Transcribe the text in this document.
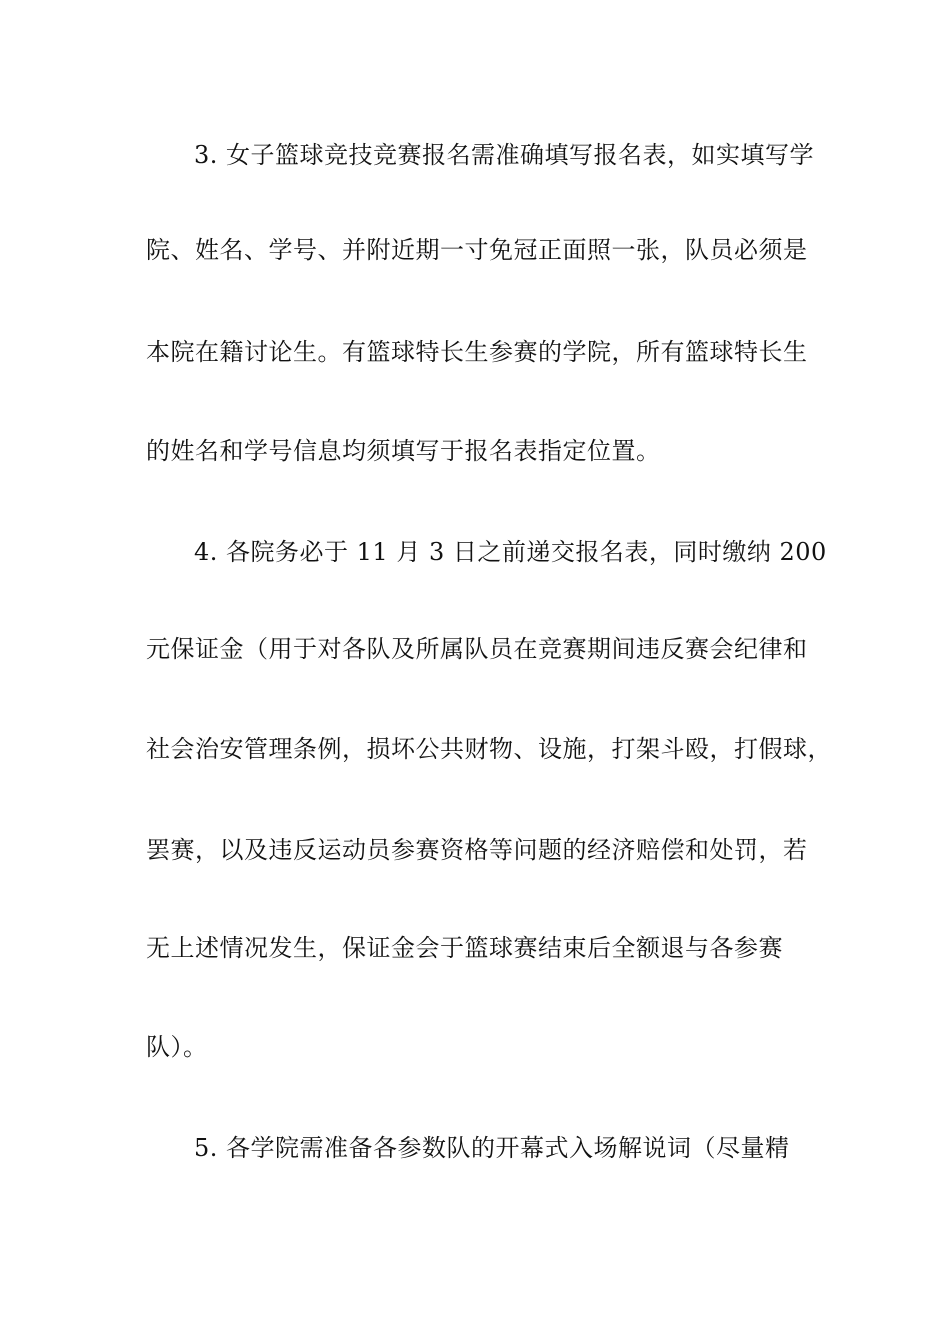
3. 女子篮球竞技竞赛报名需准确填写报名表，如实填写学
院、姓名、学号、并附近期一寸免冠正面照一张，队员必须是
本院在籍讨论生。有篮球特长生参赛的学院，所有篮球特长生
的姓名和学号信息均须填写于报名表指定位置。
4. 各院务必于 11 月 3 日之前递交报名表，同时缴纳 200
元保证金（用于对各队及所属队员在竞赛期间违反赛会纪律和
社会治安管理条例，损坏公共财物、设施，打架斗殴，打假球，
罢赛，以及违反运动员参赛资格等问题的经济赔偿和处罚，若
无上述情况发生，保证金会于篮球赛结束后全额退与各参赛
队）。
5. 各学院需准备各参数队的开幕式入场解说词（尽量精
